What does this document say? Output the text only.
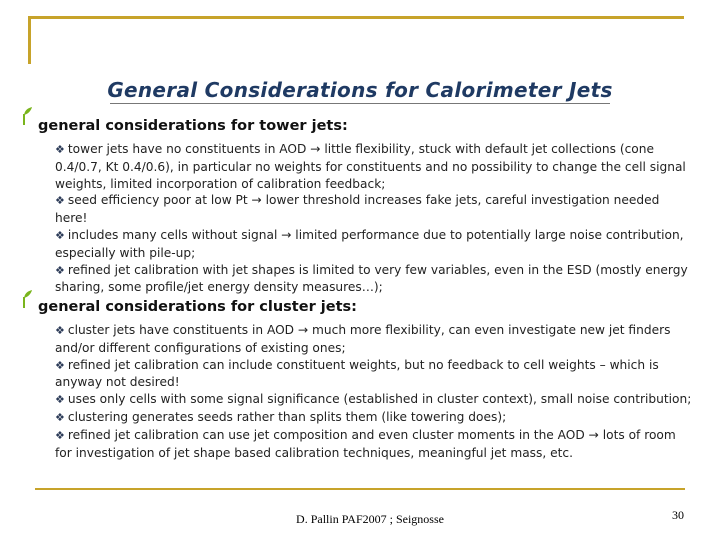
General Considerations for Calorimeter Jets
general considerations for tower jets:

❖ tower jets have no constituents in AOD → little flexibility, stuck with default jet collections (cone 0.4/0.7, Kt 0.4/0.6), in particular no weights for constituents and no possibility to change the cell signal weights, limited incorporation of calibration feedback;

❖ seed efficiency poor at low Pt → lower threshold increases fake jets, careful investigation needed here!

❖ includes many cells without signal → limited performance due to potentially large noise contribution, especially with pile-up;

❖ refined jet calibration with jet shapes is limited to very few variables, even in the ESD (mostly energy sharing, some profile/jet energy density measures…);

general considerations for cluster jets:

❖ cluster jets have constituents in AOD → much more flexibility, can even investigate new jet finders and/or different configurations of existing ones;

❖ refined jet calibration can include constituent weights, but no feedback to cell weights – which is anyway not desired!

❖ uses only cells with some signal significance (established in cluster context), small noise contribution;

❖ clustering generates seeds rather than splits them (like towering does);

❖ refined jet calibration can use jet composition and even cluster moments in the AOD → lots of room for investigation of jet shape based calibration techniques, meaningful jet mass, etc.

D. Pallin PAF2007 ; Seignosse	30
